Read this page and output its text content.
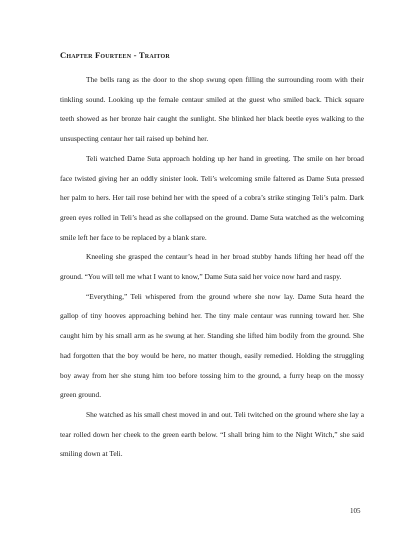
Chapter Fourteen - Traitor

The bells rang as the door to the shop swung open filling the surrounding room with their tinkling sound. Looking up the female centaur smiled at the guest who smiled back. Thick square teeth showed as her bronze hair caught the sunlight. She blinked her black beetle eyes walking to the unsuspecting centaur her tail raised up behind her.

Teli watched Dame Suta approach holding up her hand in greeting. The smile on her broad face twisted giving her an oddly sinister look. Teli’s welcoming smile faltered as Dame Suta pressed her palm to hers. Her tail rose behind her with the speed of a cobra’s strike stinging Teli’s palm. Dark green eyes rolled in Teli’s head as she collapsed on the ground. Dame Suta watched as the welcoming smile left her face to be replaced by a blank stare.

Kneeling she grasped the centaur’s head in her broad stubby hands lifting her head off the ground. “You will tell me what I want to know,” Dame Suta said her voice now hard and raspy.

“Everything,” Teli whispered from the ground where she now lay. Dame Suta heard the gallop of tiny hooves approaching behind her. The tiny male centaur was running toward her. She caught him by his small arm as he swung at her. Standing she lifted him bodily from the ground. She had forgotten that the boy would be here, no matter though, easily remedied. Holding the struggling boy away from her she stung him too before tossing him to the ground, a furry heap on the mossy green ground.

She watched as his small chest moved in and out. Teli twitched on the ground where she lay a tear rolled down her cheek to the green earth below. “I shall bring him to the Night Witch,” she said smiling down at Teli.

105
